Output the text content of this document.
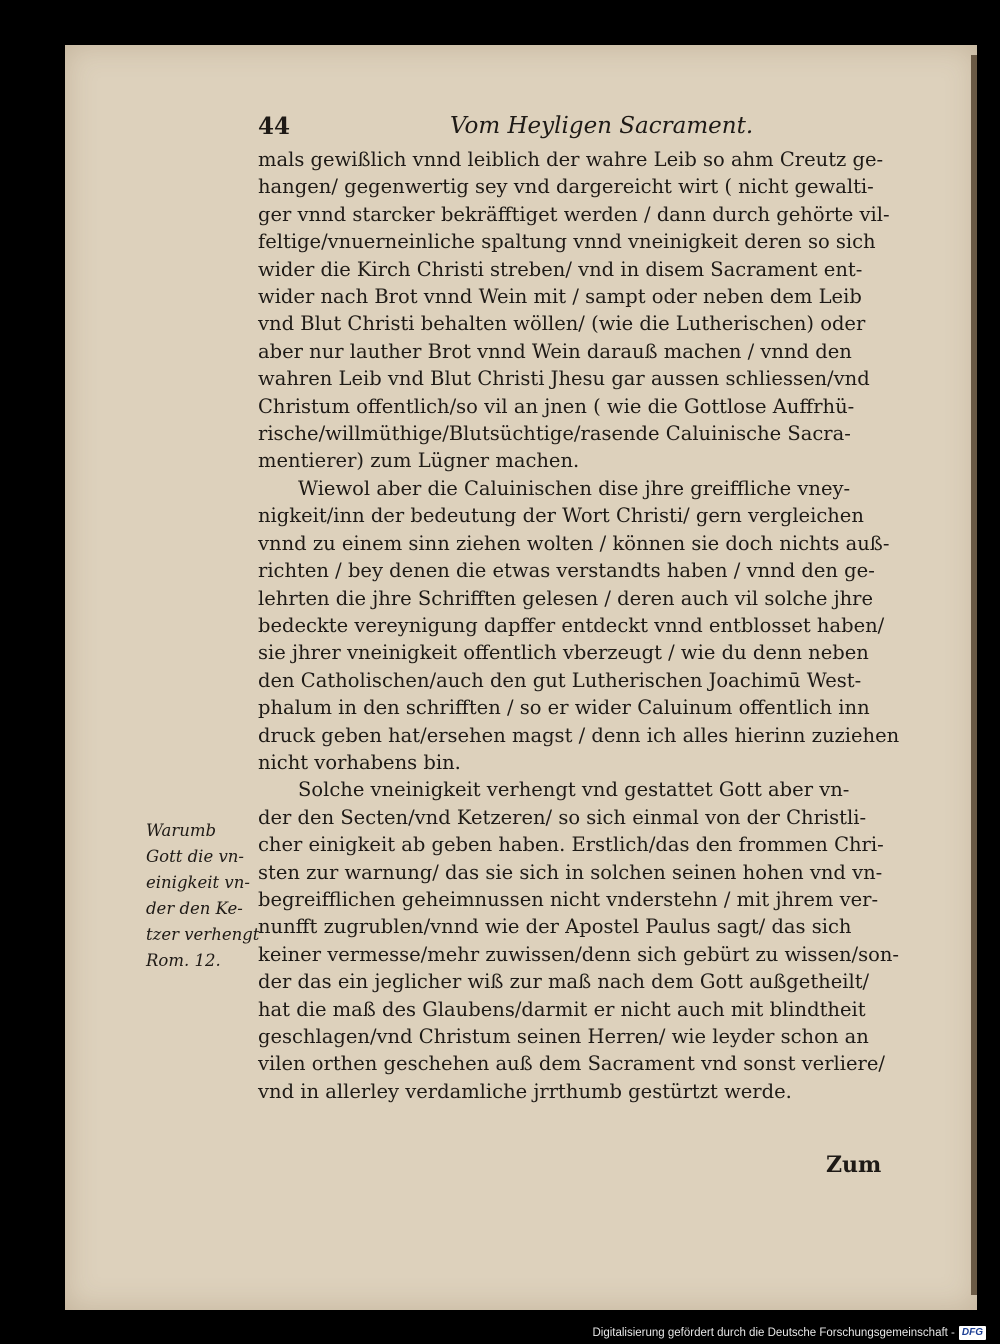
44	Vom Heyligen Sacrament.
mals gewißlich vnnd leiblich der wahre Leib so ahm Creutz ge-
hangen/ gegenwertig sey vnd dargereicht wirt ( nicht gewalti-
ger vnnd starcker bekräfftiget werden / dann durch gehörte vil-
feltige/vnuerneinliche spaltung vnnd vneinigkeit deren so sich
wider die Kirch Christi streben/ vnd in disem Sacrament ent-
wider nach Brot vnnd Wein mit / sampt oder neben dem Leib
vnd Blut Christi behalten wöllen/ (wie die Lutherischen) oder
aber nur lauther Brot vnnd Wein darauß machen / vnnd den
wahren Leib vnd Blut Christi Jhesu gar aussen schliessen/vnd
Christum offentlich/so vil an jnen ( wie die Gottlose Auffrhü-
rische/willmüthige/Blutsüchtige/rasende Caluinische Sacra-
mentierer) zum Lügner machen.
Wiewol aber die Caluinischen dise jhre greiffliche vney-
nigkeit/inn der bedeutung der Wort Christi/ gern vergleichen
vnnd zu einem sinn ziehen wolten / können sie doch nichts auß-
richten / bey denen die etwas verstandts haben / vnnd den ge-
lehrten die jhre Schrifften gelesen / deren auch vil solche jhre
bedeckte vereynigung dapffer entdeckt vnnd entblosset haben/
sie jhrer vneinigkeit offentlich vberzeugt / wie du denn neben
den Catholischen/auch den gut Lutherischen Joachimū West-
phalum in den schrifften / so er wider Caluinum offentlich inn
druck geben hat/ersehen magst / denn ich alles hierinn zuziehen
nicht vorhabens bin.
Solche vneinigkeit verhengt vnd gestattet Gott aber vn-
der den Secten/vnd Ketzeren/ so sich einmal von der Christli-
cher einigkeit ab geben haben. Erstlich/das den frommen Chri-
sten zur warnung/ das sie sich in solchen seinen hohen vnd vn-
begreifflichen geheimnussen nicht vnderstehn / mit jhrem ver-
nunfft zugrublen/vnnd wie der Apostel Paulus sagt/ das sich
keiner vermesse/mehr zuwissen/denn sich gebürt zu wissen/son-
der das ein jeglicher wiß zur maß nach dem Gott außgetheilt/
hat die maß des Glaubens/darmit er nicht auch mit blindtheit
geschlagen/vnd Christum seinen Herren/ wie leyder schon an
vilen orthen geschehen auß dem Sacrament vnd sonst verliere/
vnd in allerley verdamliche jrrthumb gestürtzt werde.
Warumb
Gott die vn-
einigkeit vn-
der den Ke-
tzer verhengt
Rom. 12.
Zum
Digitalisierung gefördert durch die Deutsche Forschungsgemeinschaft - DFG
